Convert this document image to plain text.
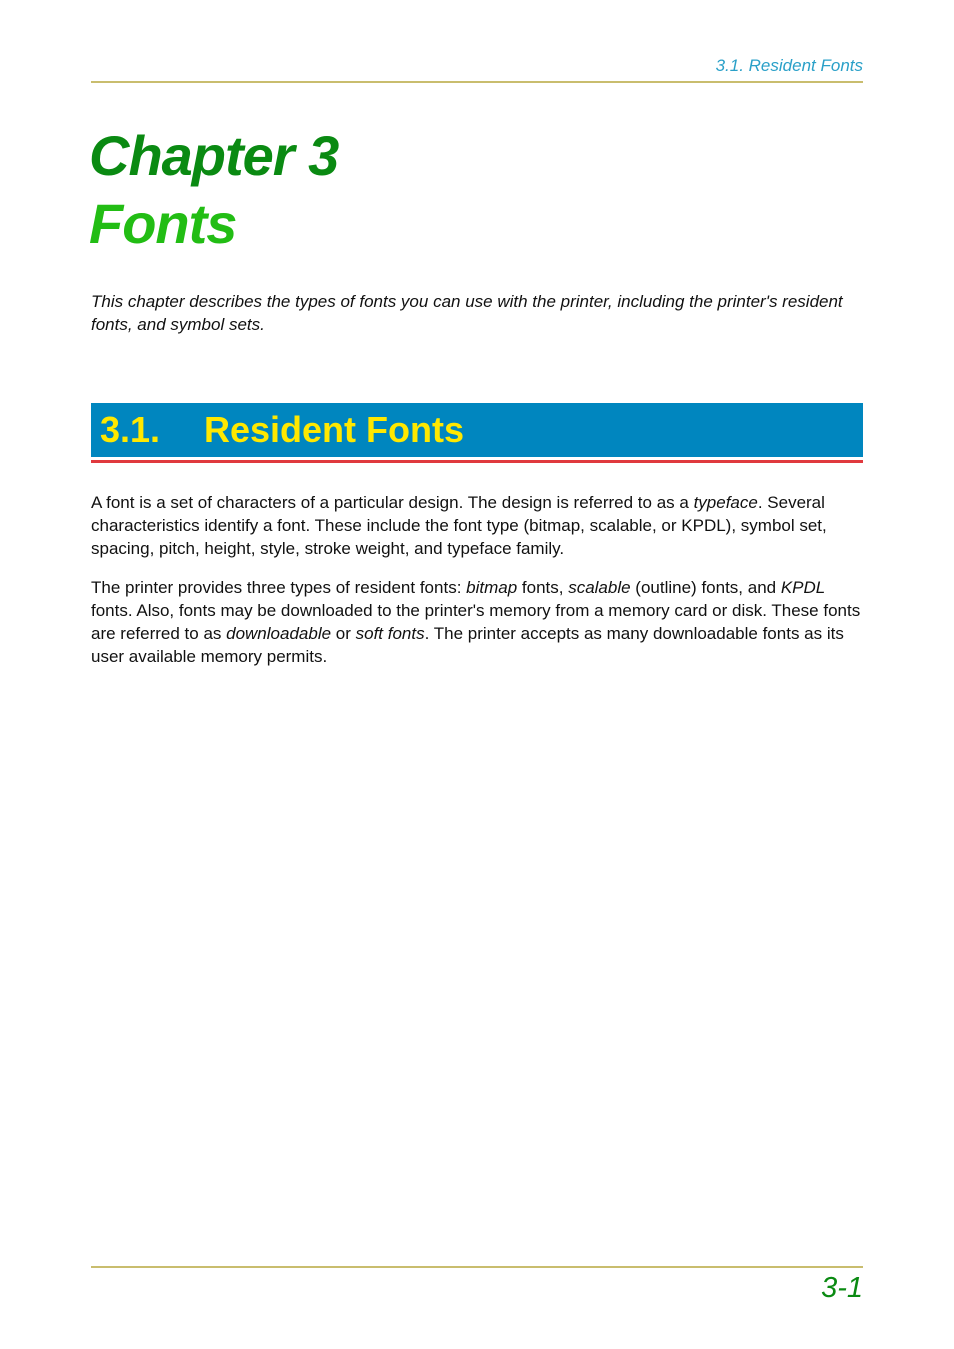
3.1. Resident Fonts
Chapter 3
Fonts

This chapter describes the types of fonts you can use with the printer, including the printer's resident fonts, and symbol sets.

3.1. Resident Fonts

A font is a set of characters of a particular design. The design is referred to as a typeface. Several characteristics identify a font. These include the font type (bitmap, scalable, or KPDL), symbol set, spacing, pitch, height, style, stroke weight, and typeface family.

The printer provides three types of resident fonts: bitmap fonts, scalable (outline) fonts, and KPDL fonts. Also, fonts may be downloaded to the printer's memory from a memory card or disk. These fonts are referred to as downloadable or soft fonts. The printer accepts as many downloadable fonts as its user available memory permits.

3-1
